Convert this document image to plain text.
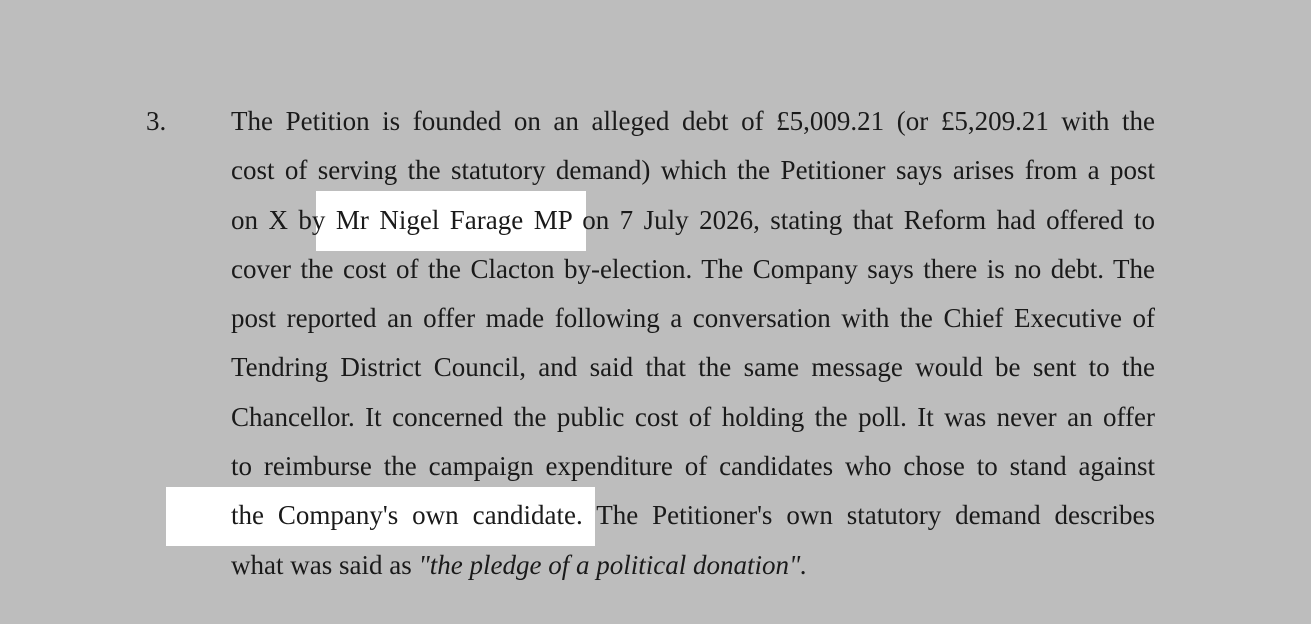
3. The Petition is founded on an alleged debt of £5,009.21 (or £5,209.21 with the
cost of serving the statutory demand) which the Petitioner says arises from a post
on X by Mr Nigel Farage MP on 7 July 2026, stating that Reform had offered to
cover the cost of the Clacton by-election. The Company says there is no debt. The
post reported an offer made following a conversation with the Chief Executive of
Tendring District Council, and said that the same message would be sent to the
Chancellor. It concerned the public cost of holding the poll. It was never an offer
to reimburse the campaign expenditure of candidates who chose to stand against
the Company's own candidate. The Petitioner's own statutory demand describes
what was said as "the pledge of a political donation".
